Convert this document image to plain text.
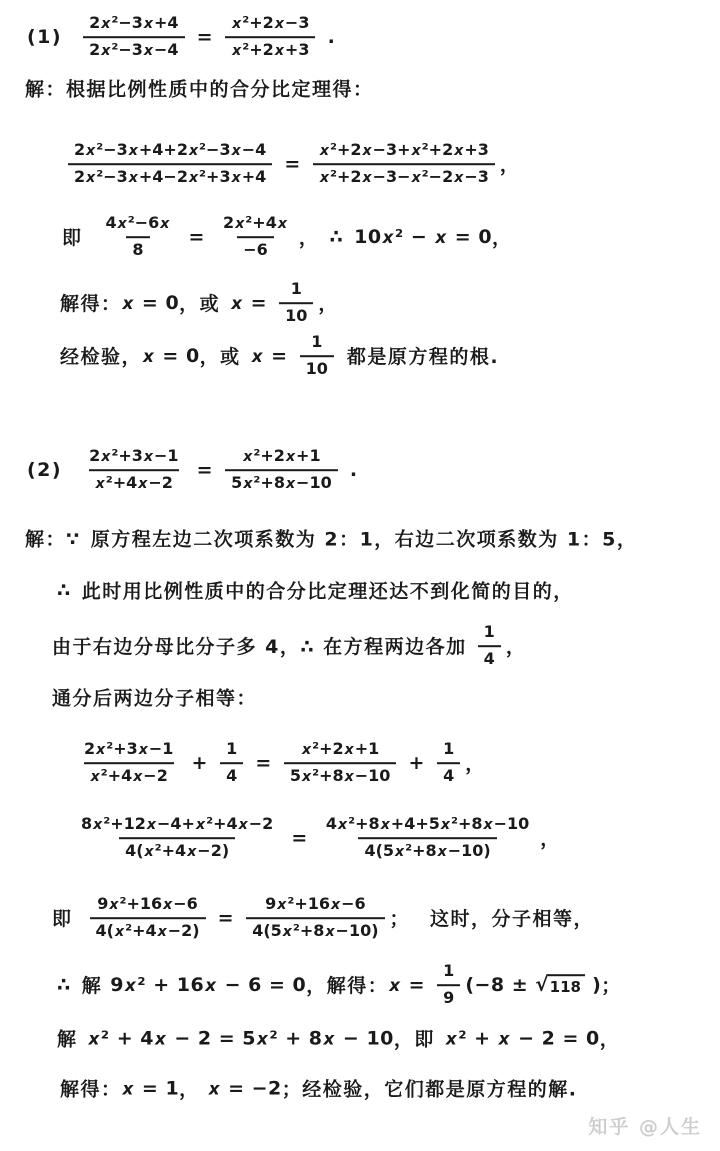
$(1) \frac{\text{2x²−3x+4}}{\text{2x²−3x−4}} = \frac{\text{x²+2x−3}}{\text{x²+2x+3}}$ .
解：根据比例性质中的合分比定理得：
$\frac{\text{2x²−3x+4+2x²−3x−4}}{\text{2x²−3x+4−2x²+3x+4}} = \frac{\text{x²+2x−3+x²+2x+3}}{\text{x²+2x−3−x²−2x−3}}$ ，
即 $\frac{\text{4x²−6x}}{8} = \frac{\text{2x²+4x}}{-6}$ ， ∴ 10x² − x = 0 ，
解得： x = 0 ，或 $x = \frac{1}{10}$ ，
经检验， x = 0 ，或 $x = \frac{1}{10}$ 都是原方程的根.
$(2) \frac{\text{2x²+3x−1}}{\text{x²+4x−2}} = \frac{\text{x²+2x+1}}{\text{5x²+8x−10}}$ .
解：∵ 原方程左边二次项系数为 2：1，右边二次项系数为 1：5，
∴ 此时用比例性质中的合分比定理还达不到化简的目的，
由于右边分母比分子多 4，∴ 在方程两边各加 $\frac{1}{4}$ ，
通分后两边分子相等：
$\frac{\text{2x²+3x−1}}{\text{x²+4x−2}} + \frac{1}{4} = \frac{\text{x²+2x+1}}{\text{5x²+8x−10}} + \frac{1}{4}$ ，
$\frac{\text{8x²+12x−4+x²+4x−2}}{\text{4(x²+4x−2)}} = \frac{\text{4x²+8x+4+5x²+8x−10}}{\text{4(5x²+8x−10)}}$ ，
即 $\frac{\text{9x²+16x−6}}{\text{4(x²+4x−2)}} = \frac{\text{9x²+16x−6}}{\text{4(5x²+8x−10)}}$ ； 这时，分子相等，
∴ 解 9x² + 16x − 6 = 0 ，解得： $x = \frac{1}{9} (-8$ ± √ 118 ) ；
解 x² + 4x − 2 = 5x² + 8x − 10 ，即 x² + x − 2 = 0 ，
解得： x = 1 ， x = −2 ；经检验，它们都是原方程的解.
知乎 @人生
